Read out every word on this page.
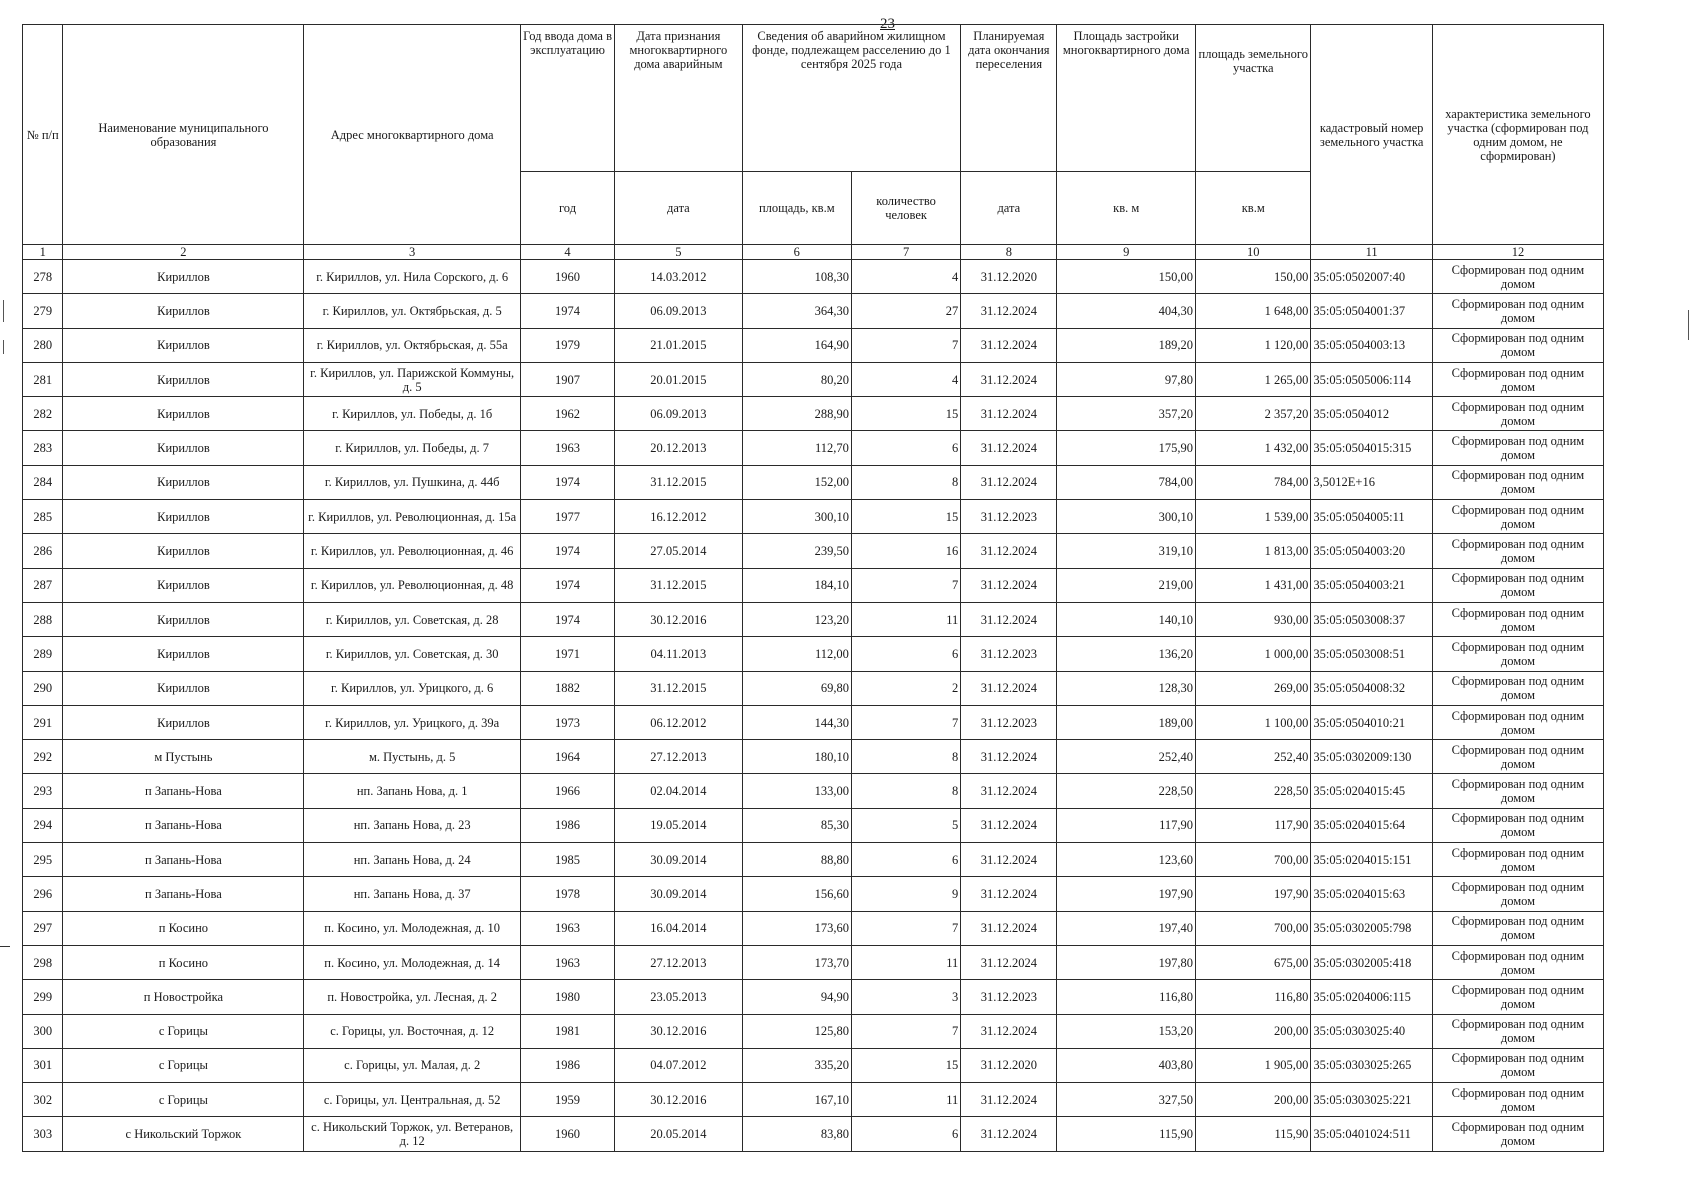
23
№ п/п	Наименование муниципального образования	Адрес многоквартирного дома	Год ввода дома в эксплуатацию	Дата признания многоквартирного дома аварийным	Сведения об аварийном жилищном фонде, подлежащем расселению до 1 сентября 2025 года		Планируемая дата окончания переселения	Площадь застройки многоквартирного дома	площадь земельного участка	кадастровый номер земельного участка	характеристика земельного участка (сформирован под одним домом, не сформирован)
			год	дата	площадь, кв.м	количество человек	дата	кв. м	кв.м		
1	2	3	4	5	6	7	8	9	10	11	12
278	Кириллов	г. Кириллов, ул. Нила Сорского, д. 6	1960	14.03.2012	108,30	4	31.12.2020	150,00	150,00	35:05:0502007:40	Сформирован под одним домом
279	Кириллов	г. Кириллов, ул. Октябрьская, д. 5	1974	06.09.2013	364,30	27	31.12.2024	404,30	1 648,00	35:05:0504001:37	Сформирован под одним домом
280	Кириллов	г. Кириллов, ул. Октябрьская, д. 55а	1979	21.01.2015	164,90	7	31.12.2024	189,20	1 120,00	35:05:0504003:13	Сформирован под одним домом
281	Кириллов	г. Кириллов, ул. Парижской Коммуны, д. 5	1907	20.01.2015	80,20	4	31.12.2024	97,80	1 265,00	35:05:0505006:114	Сформирован под одним домом
282	Кириллов	г. Кириллов, ул. Победы, д. 1б	1962	06.09.2013	288,90	15	31.12.2024	357,20	2 357,20	35:05:0504012	Сформирован под одним домом
283	Кириллов	г. Кириллов, ул. Победы, д. 7	1963	20.12.2013	112,70	6	31.12.2024	175,90	1 432,00	35:05:0504015:315	Сформирован под одним домом
284	Кириллов	г. Кириллов, ул. Пушкина, д. 44б	1974	31.12.2015	152,00	8	31.12.2024	784,00	784,00	3,5012E+16	Сформирован под одним домом
285	Кириллов	г. Кириллов, ул. Революционная, д. 15а	1977	16.12.2012	300,10	15	31.12.2023	300,10	1 539,00	35:05:0504005:11	Сформирован под одним домом
286	Кириллов	г. Кириллов, ул. Революционная, д. 46	1974	27.05.2014	239,50	16	31.12.2024	319,10	1 813,00	35:05:0504003:20	Сформирован под одним домом
287	Кириллов	г. Кириллов, ул. Революционная, д. 48	1974	31.12.2015	184,10	7	31.12.2024	219,00	1 431,00	35:05:0504003:21	Сформирован под одним домом
288	Кириллов	г. Кириллов, ул. Советская, д. 28	1974	30.12.2016	123,20	11	31.12.2024	140,10	930,00	35:05:0503008:37	Сформирован под одним домом
289	Кириллов	г. Кириллов, ул. Советская, д. 30	1971	04.11.2013	112,00	6	31.12.2023	136,20	1 000,00	35:05:0503008:51	Сформирован под одним домом
290	Кириллов	г. Кириллов, ул. Урицкого, д. 6	1882	31.12.2015	69,80	2	31.12.2024	128,30	269,00	35:05:0504008:32	Сформирован под одним домом
291	Кириллов	г. Кириллов, ул. Урицкого, д. 39а	1973	06.12.2012	144,30	7	31.12.2023	189,00	1 100,00	35:05:0504010:21	Сформирован под одним домом
292	м Пустынь	м. Пустынь, д. 5	1964	27.12.2013	180,10	8	31.12.2024	252,40	252,40	35:05:0302009:130	Сформирован под одним домом
293	п Запань-Нова	нп. Запань Нова, д. 1	1966	02.04.2014	133,00	8	31.12.2024	228,50	228,50	35:05:0204015:45	Сформирован под одним домом
294	п Запань-Нова	нп. Запань Нова, д. 23	1986	19.05.2014	85,30	5	31.12.2024	117,90	117,90	35:05:0204015:64	Сформирован под одним домом
295	п Запань-Нова	нп. Запань Нова, д. 24	1985	30.09.2014	88,80	6	31.12.2024	123,60	700,00	35:05:0204015:151	Сформирован под одним домом
296	п Запань-Нова	нп. Запань Нова, д. 37	1978	30.09.2014	156,60	9	31.12.2024	197,90	197,90	35:05:0204015:63	Сформирован под одним домом
297	п Косино	п. Косино, ул. Молодежная, д. 10	1963	16.04.2014	173,60	7	31.12.2024	197,40	700,00	35:05:0302005:798	Сформирован под одним домом
298	п Косино	п. Косино, ул. Молодежная, д. 14	1963	27.12.2013	173,70	11	31.12.2024	197,80	675,00	35:05:0302005:418	Сформирован под одним домом
299	п Новостройка	п. Новостройка, ул. Лесная, д. 2	1980	23.05.2013	94,90	3	31.12.2023	116,80	116,80	35:05:0204006:115	Сформирован под одним домом
300	с Горицы	с. Горицы, ул. Восточная, д. 12	1981	30.12.2016	125,80	7	31.12.2024	153,20	200,00	35:05:0303025:40	Сформирован под одним домом
301	с Горицы	с. Горицы, ул. Малая, д. 2	1986	04.07.2012	335,20	15	31.12.2020	403,80	1 905,00	35:05:0303025:265	Сформирован под одним домом
302	с Горицы	с. Горицы, ул. Центральная, д. 52	1959	30.12.2016	167,10	11	31.12.2024	327,50	200,00	35:05:0303025:221	Сформирован под одним домом
303	с Никольский Торжок	с. Никольский Торжок, ул. Ветеранов, д. 12	1960	20.05.2014	83,80	6	31.12.2024	115,90	115,90	35:05:0401024:511	Сформирован под одним домом
